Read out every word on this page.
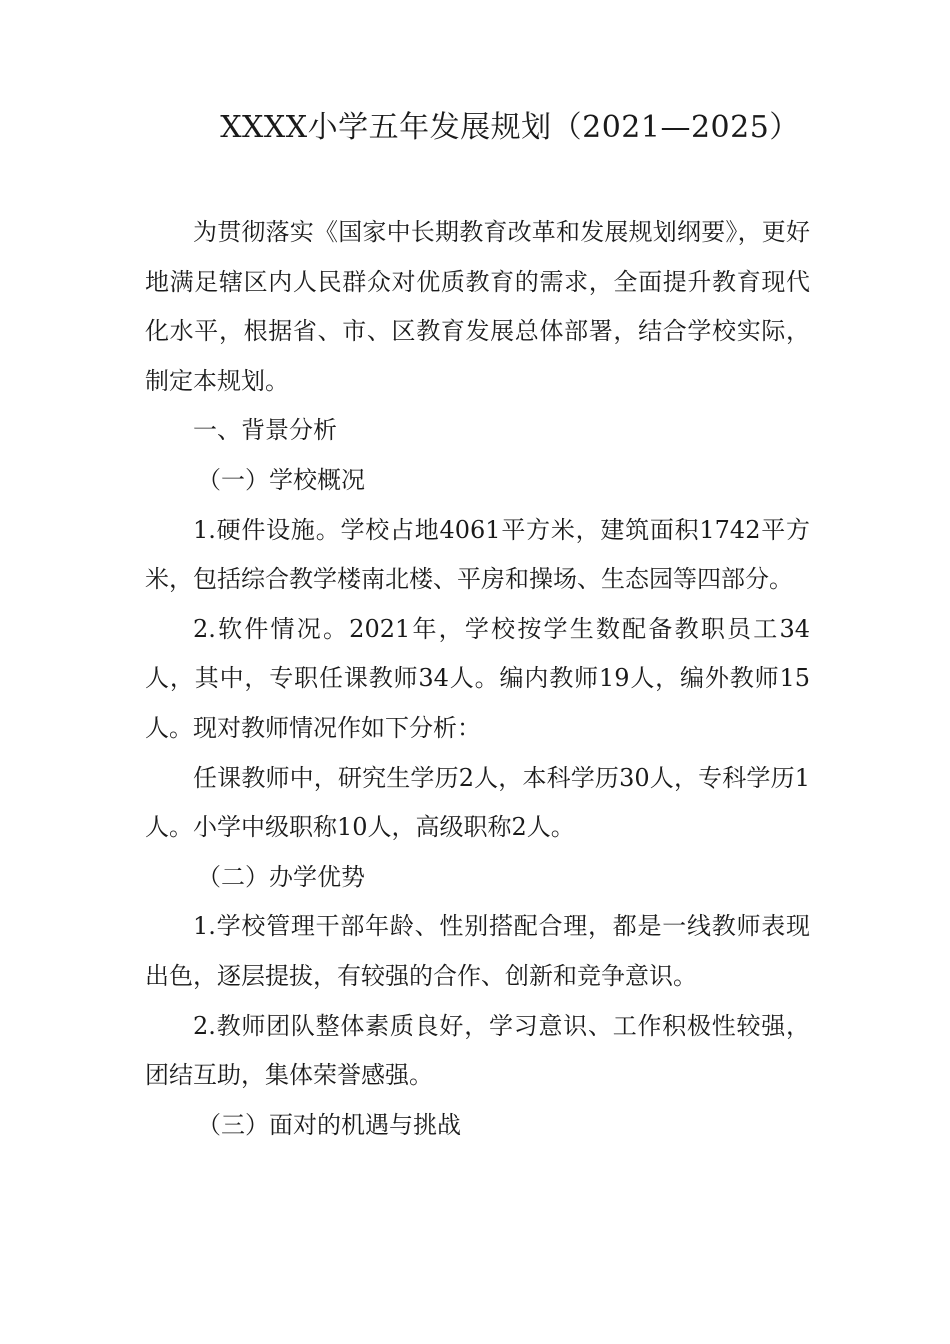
XXXX小学五年发展规划（2021—2025）

为贯彻落实《国家中长期教育改革和发展规划纲要》，更好地满足辖区内人民群众对优质教育的需求，全面提升教育现代化水平，根据省、市、区教育发展总体部署，结合学校实际，制定本规划。

一、背景分析

（一）学校概况

1.硬件设施。学校占地4061平方米，建筑面积1742平方米，包括综合教学楼南北楼、平房和操场、生态园等四部分。

2.软件情况。2021年，学校按学生数配备教职员工34人，其中，专职任课教师34人。编内教师19人，编外教师15人。现对教师情况作如下分析：

任课教师中，研究生学历2人，本科学历30人，专科学历1人。小学中级职称10人，高级职称2人。

（二）办学优势

1.学校管理干部年龄、性别搭配合理，都是一线教师表现出色，逐层提拔，有较强的合作、创新和竞争意识。

2.教师团队整体素质良好，学习意识、工作积极性较强，团结互助，集体荣誉感强。

（三）面对的机遇与挑战
